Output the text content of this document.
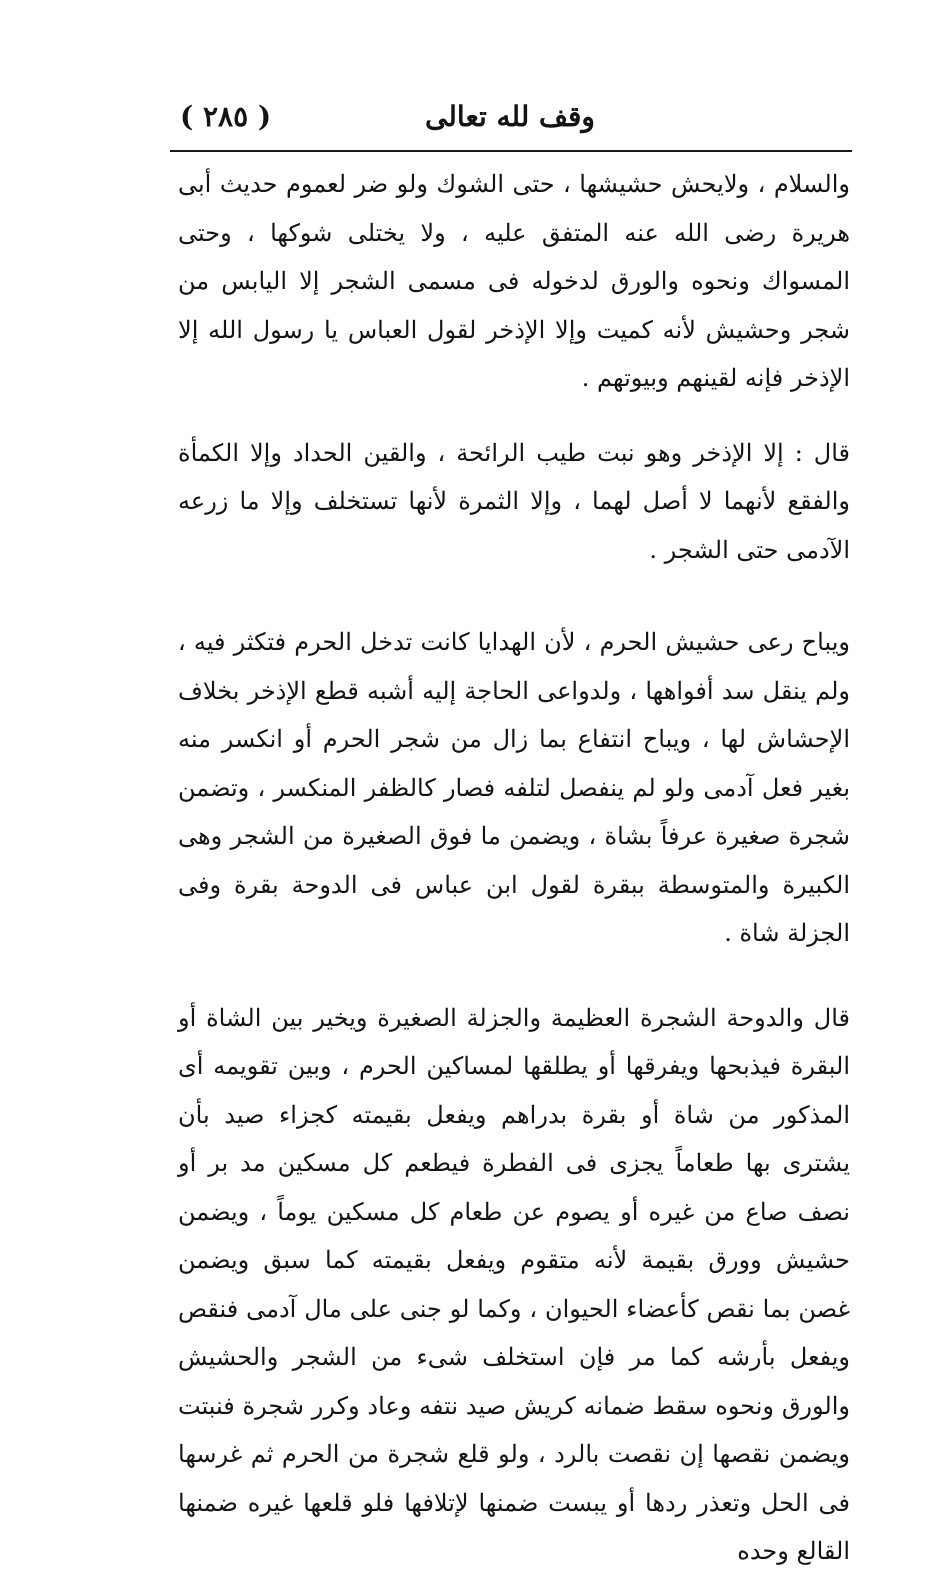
وقف لله تعالى
( ٢٨٥ )

والسلام ، ولايحش حشيشها ، حتى الشوك ولو ضر لعموم حديث أبى هريرة رضى الله عنه المتفق عليه ، ولا يختلى شوكها ، وحتى المسواك ونحوه والورق لدخوله فى مسمى الشجر إلا اليابس من شجر وحشيش لأنه كميت وإلا الإذخر لقول العباس يا رسول الله إلا الإذخر فإنه لقينهم وبيوتهم .

قال : إلا الإذخر وهو نبت طيب الرائحة ، والقين الحداد وإلا الكمأة والفقع لأنهما لا أصل لهما ، وإلا الثمرة لأنها تستخلف وإلا ما زرعه الآدمى حتى الشجر .

ويباح رعى حشيش الحرم ، لأن الهدايا كانت تدخل الحرم فتكثر فيه ، ولم ينقل سد أفواهها ، ولدواعى الحاجة إليه أشبه قطع الإذخر بخلاف الإحشاش لها ، ويباح انتفاع بما زال من شجر الحرم أو انكسر منه بغير فعل آدمى ولو لم ينفصل لتلفه فصار كالظفر المنكسر ، وتضمن شجرة صغيرة عرفاً بشاة ، ويضمن ما فوق الصغيرة من الشجر وهى الكبيرة والمتوسطة ببقرة لقول ابن عباس فى الدوحة بقرة وفى الجزلة شاة .

قال والدوحة الشجرة العظيمة والجزلة الصغيرة ويخير بين الشاة أو البقرة فيذبحها ويفرقها أو يطلقها لمساكين الحرم ، وبين تقويمه أى المذكور من شاة أو بقرة بدراهم ويفعل بقيمته كجزاء صيد بأن يشترى بها طعاماً يجزى فى الفطرة فيطعم كل مسكين مد بر أو نصف صاع من غيره أو يصوم عن طعام كل مسكين يوماً ، ويضمن حشيش وورق بقيمة لأنه متقوم ويفعل بقيمته كما سبق ويضمن غصن بما نقص كأعضاء الحيوان ، وكما لو جنى على مال آدمى فنقص ويفعل بأرشه كما مر فإن استخلف شىء من الشجر والحشيش والورق ونحوه سقط ضمانه كريش صيد نتفه وعاد وكرر شجرة فنبتت ويضمن نقصها إن نقصت بالرد ، ولو قلع شجرة من الحرم ثم غرسها فى الحل وتعذر ردها أو يبست ضمنها لإتلافها فلو قلعها غيره ضمنها القالع وحده
